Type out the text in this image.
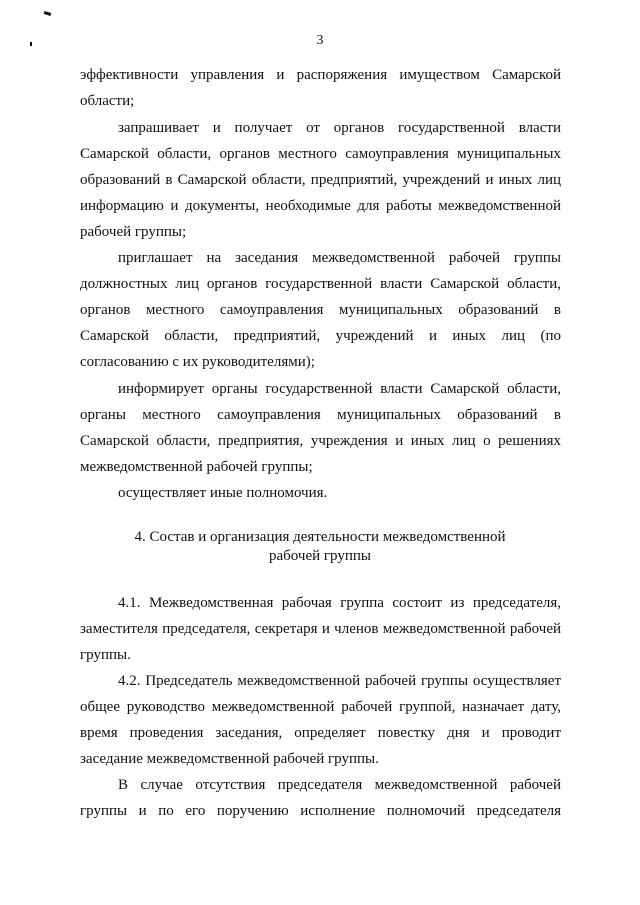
3
эффективности управления и распоряжения имуществом Самарской
области;
запрашивает и получает от органов государственной власти
Самарской области, органов местного самоуправления муниципальных
образований в Самарской области, предприятий, учреждений и иных лиц
информацию и документы, необходимые для работы межведомственной
рабочей группы;
приглашает на заседания межведомственной рабочей группы
должностных лиц органов государственной власти Самарской области,
органов местного самоуправления муниципальных образований в
Самарской области, предприятий, учреждений и иных лиц (по
согласованию с их руководителями);
информирует органы государственной власти Самарской области,
органы местного самоуправления муниципальных образований в
Самарской области, предприятия, учреждения и иных лиц о решениях
межведомственной рабочей группы;
осуществляет иные полномочия.
4. Состав и организация деятельности межведомственной
рабочей группы
4.1. Межведомственная рабочая группа состоит из председателя,
заместителя председателя, секретаря и членов межведомственной рабочей
группы.
4.2. Председатель межведомственной рабочей группы осуществляет
общее руководство межведомственной рабочей группой, назначает дату,
время проведения заседания, определяет повестку дня и проводит
заседание межведомственной рабочей группы.
В случае отсутствия председателя межведомственной рабочей
группы и по его поручению исполнение полномочий председателя
